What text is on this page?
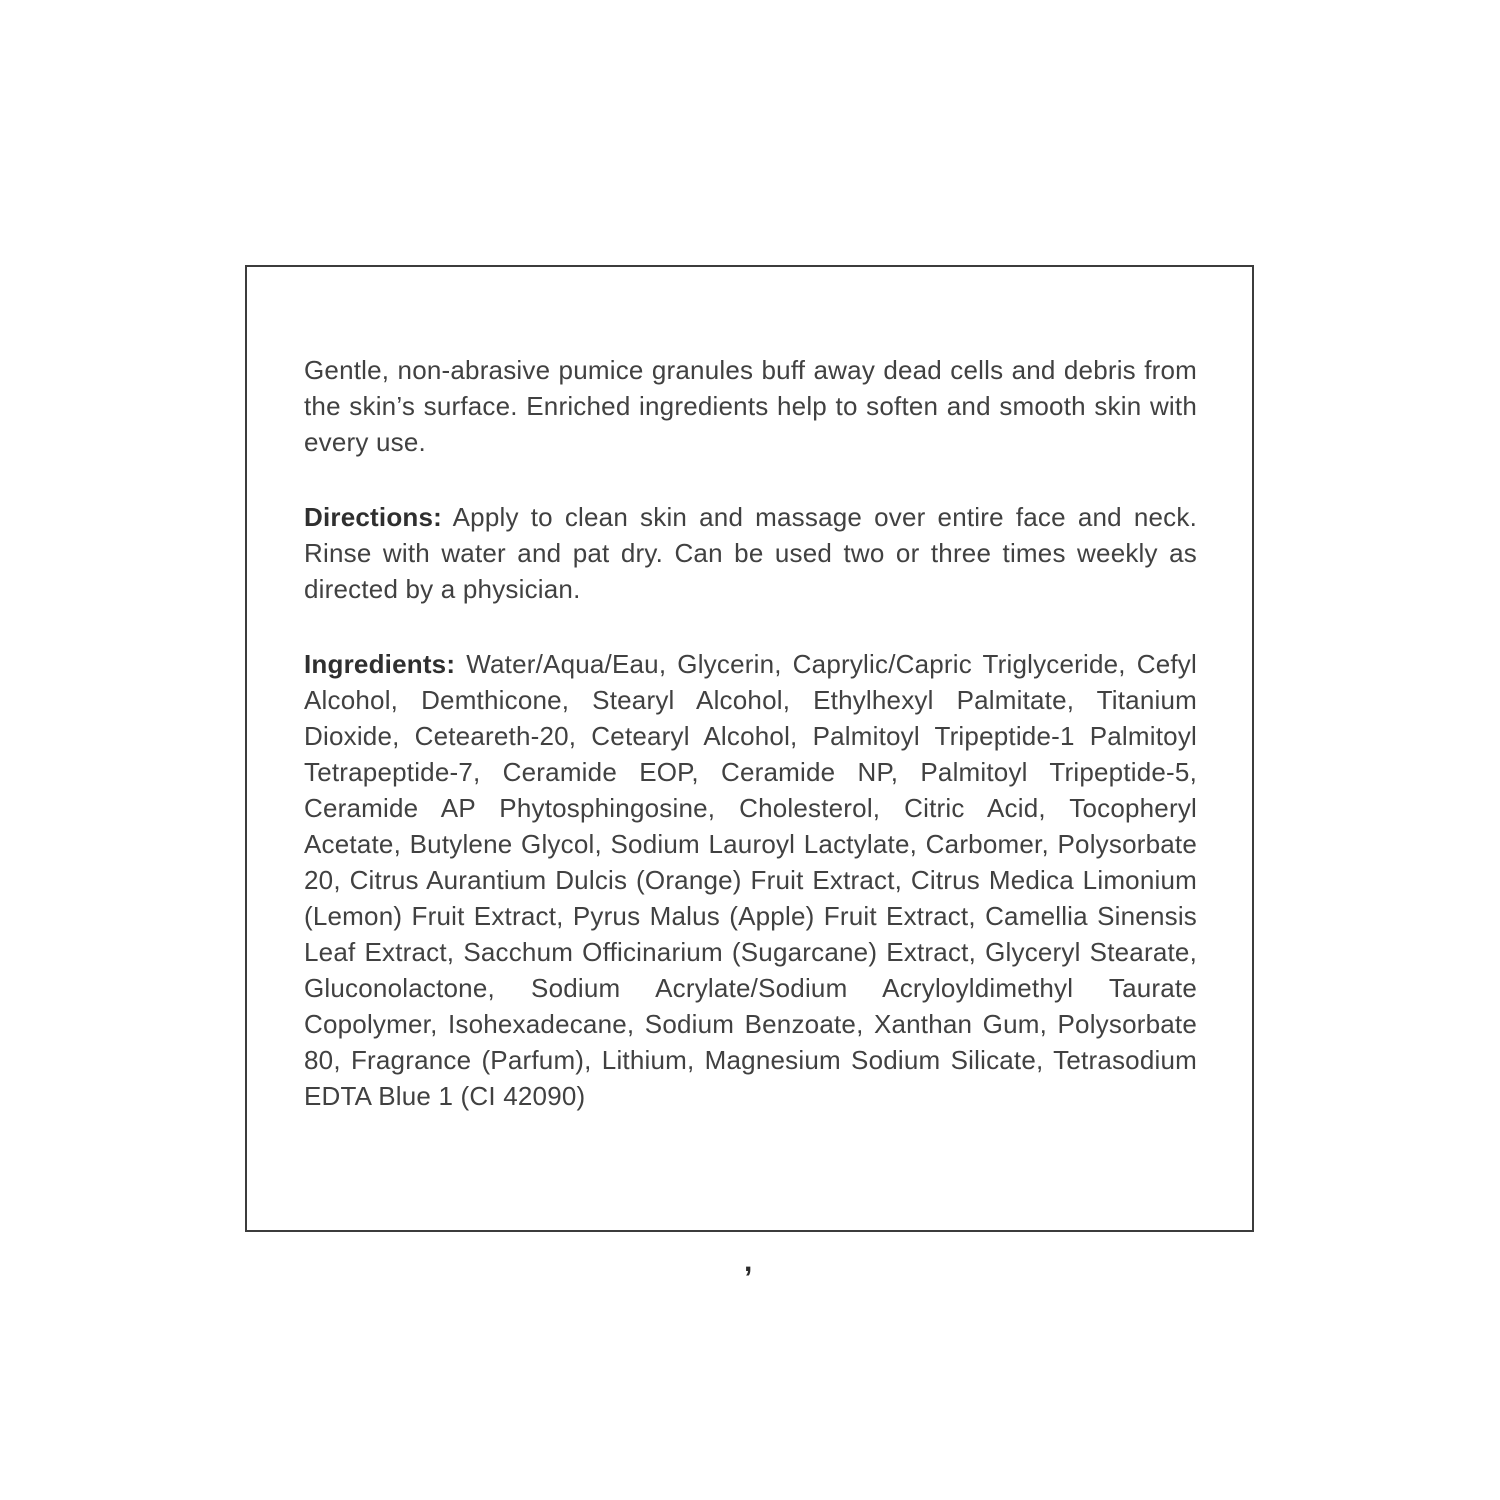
Gentle, non-abrasive pumice granules buff away dead cells and debris from the skin’s surface. Enriched ingredients help to soften and smooth skin with every use.

Directions: Apply to clean skin and massage over entire face and neck. Rinse with water and pat dry. Can be used two or three times weekly as directed by a physician.

Ingredients: Water/Aqua/Eau, Glycerin, Caprylic/Capric Triglyceride, Cefyl Alcohol, Demthicone, Stearyl Alcohol, Ethylhexyl Palmitate, Titanium Dioxide, Ceteareth-20, Cetearyl Alcohol, Palmitoyl Tripeptide-1 Palmitoyl Tetrapeptide-7, Ceramide EOP, Ceramide NP, Palmitoyl Tripeptide-5, Ceramide AP Phytosphingosine, Cholesterol, Citric Acid, Tocopheryl Acetate, Butylene Glycol, Sodium Lauroyl Lactylate, Carbomer, Polysorbate 20, Citrus Aurantium Dulcis (Orange) Fruit Extract, Citrus Medica Limonium (Lemon) Fruit Extract, Pyrus Malus (Apple) Fruit Extract, Camellia Sinensis Leaf Extract, Sacchum Officinarium (Sugarcane) Extract, Glyceryl Stearate, Gluconolactone, Sodium Acrylate/Sodium Acryloyldimethyl Taurate Copolymer, Isohexadecane, Sodium Benzoate, Xanthan Gum, Polysorbate 80, Fragrance (Parfum), Lithium, Magnesium Sodium Silicate, Tetrasodium EDTA Blue 1 (CI 42090)

,
